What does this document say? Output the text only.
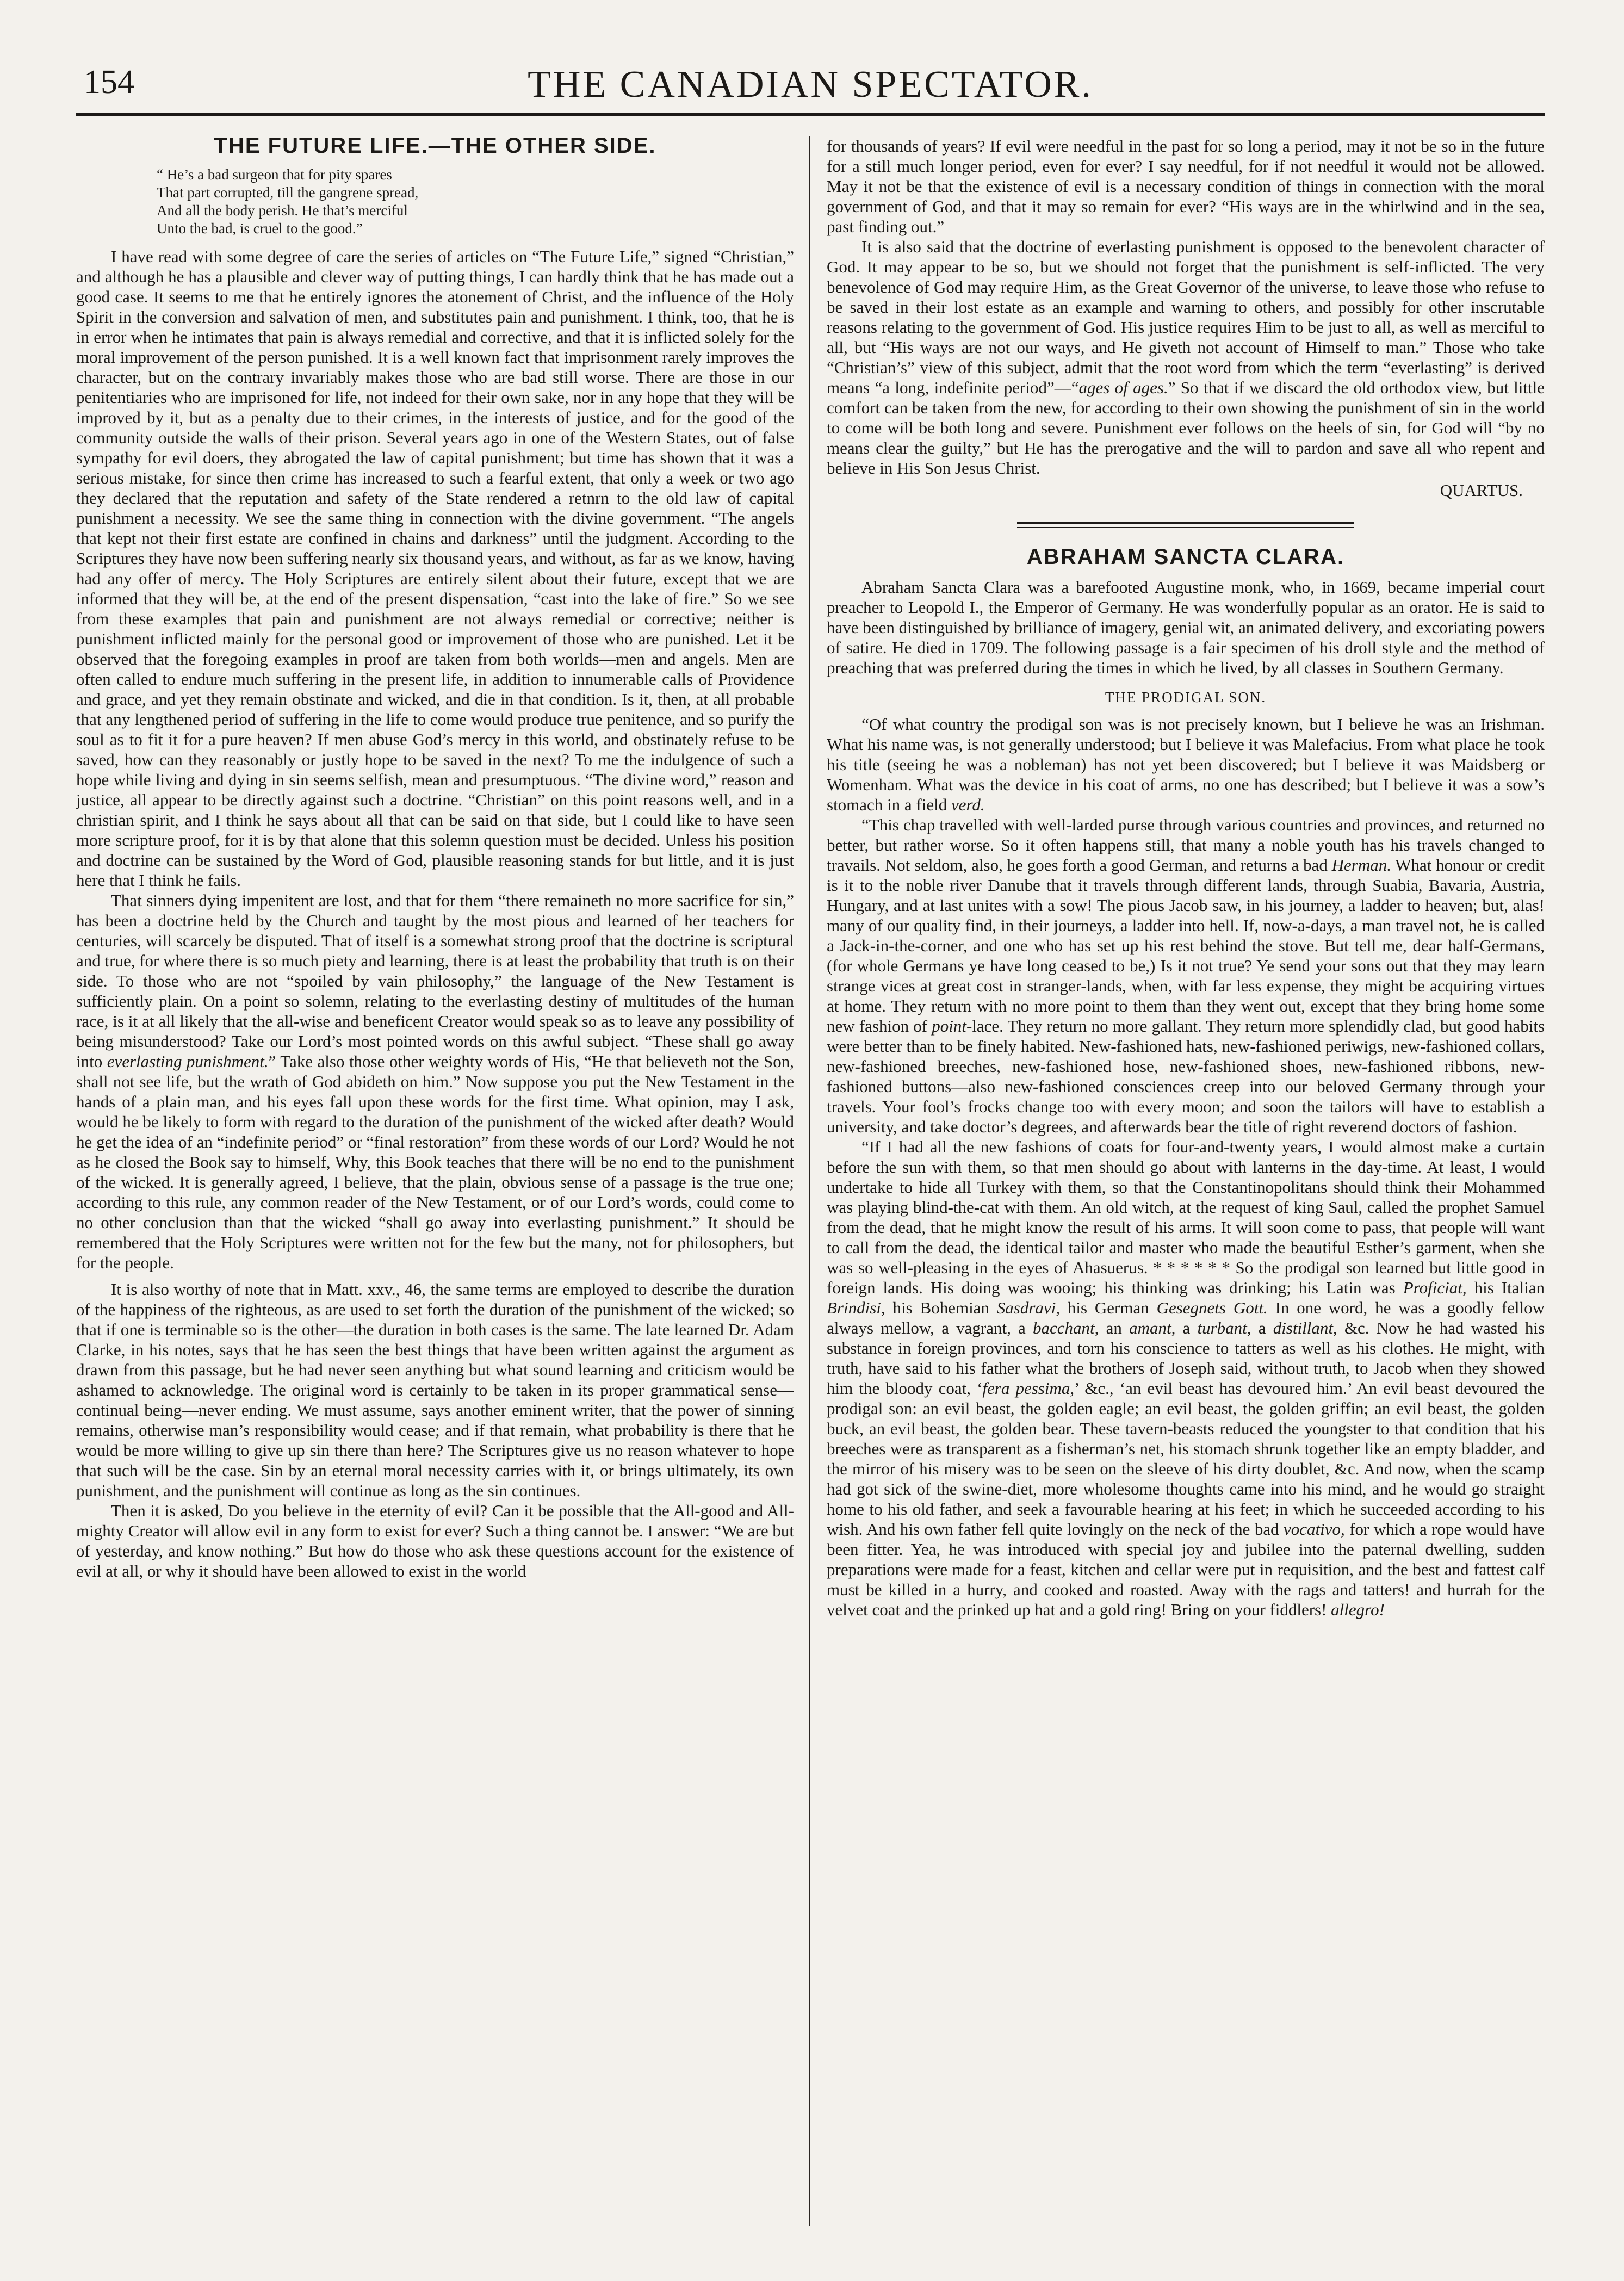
154	THE CANADIAN SPECTATOR.
THE FUTURE LIFE.—THE OTHER SIDE.
“ He’s a bad surgeon that for pity spares
That part corrupted, till the gangrene spread,
And all the body perish. He that’s merciful
Unto the bad, is cruel to the good.”

I have read with some degree of care the series of articles on “The Future Life,” signed “Christian,” and although he has a plausible and clever way of putting things, I can hardly think that he has made out a good case. It seems to me that he entirely ignores the atonement of Christ, and the influence of the Holy Spirit in the conversion and salvation of men, and substitutes pain and punishment. I think, too, that he is in error when he intimates that pain is always remedial and corrective, and that it is inflicted solely for the moral improvement of the person punished. It is a well known fact that imprisonment rarely improves the character, but on the contrary invariably makes those who are bad still worse. There are those in our penitentiaries who are imprisoned for life, not indeed for their own sake, nor in any hope that they will be improved by it, but as a penalty due to their crimes, in the interests of justice, and for the good of the community outside the walls of their prison. Several years ago in one of the Western States, out of false sympathy for evil doers, they abrogated the law of capital punishment; but time has shown that it was a serious mistake, for since then crime has increased to such a fearful extent, that only a week or two ago they declared that the reputation and safety of the State rendered a retnrn to the old law of capital punishment a necessity. We see the same thing in connection with the divine government. “The angels that kept not their first estate are confined in chains and darkness” until the judgment. According to the Scriptures they have now been suffering nearly six thousand years, and without, as far as we know, having had any offer of mercy. The Holy Scriptures are entirely silent about their future, except that we are informed that they will be, at the end of the present dispensation, “cast into the lake of fire.” So we see from these examples that pain and punishment are not always remedial or corrective; neither is punishment inflicted mainly for the personal good or improvement of those who are punished. Let it be observed that the foregoing examples in proof are taken from both worlds—men and angels. Men are often called to endure much suffering in the present life, in addition to innumerable calls of Providence and grace, and yet they remain obstinate and wicked, and die in that condition. Is it, then, at all probable that any lengthened period of suffering in the life to come would produce true penitence, and so purify the soul as to fit it for a pure heaven? If men abuse God’s mercy in this world, and obstinately refuse to be saved, how can they reasonably or justly hope to be saved in the next? To me the indulgence of such a hope while living and dying in sin seems selfish, mean and presumptuous. “The divine word,” reason and justice, all appear to be directly against such a doctrine. “Christian” on this point reasons well, and in a christian spirit, and I think he says about all that can be said on that side, but I could like to have seen more scripture proof, for it is by that alone that this solemn question must be decided. Unless his position and doctrine can be sustained by the Word of God, plausible reasoning stands for but little, and it is just here that I think he fails.

That sinners dying impenitent are lost, and that for them “there remaineth no more sacrifice for sin,” has been a doctrine held by the Church and taught by the most pious and learned of her teachers for centuries, will scarcely be disputed. That of itself is a somewhat strong proof that the doctrine is scriptural and true, for where there is so much piety and learning, there is at least the probability that truth is on their side. To those who are not “spoiled by vain philosophy,” the language of the New Testament is sufficiently plain. On a point so solemn, relating to the everlasting destiny of multitudes of the human race, is it at all likely that the all-wise and beneficent Creator would speak so as to leave any possibility of being misunderstood? Take our Lord’s most pointed words on this awful subject. “These shall go away into everlasting punishment.” Take also those other weighty words of His, “He that believeth not the Son, shall not see life, but the wrath of God abideth on him.” Now suppose you put the New Testament in the hands of a plain man, and his eyes fall upon these words for the first time. What opinion, may I ask, would he be likely to form with regard to the duration of the punishment of the wicked after death? Would he get the idea of an “indefinite period” or “final restoration” from these words of our Lord? Would he not as he closed the Book say to himself, Why, this Book teaches that there will be no end to the punishment of the wicked. It is generally agreed, I believe, that the plain, obvious sense of a passage is the true one; according to this rule, any common reader of the New Testament, or of our Lord’s words, could come to no other conclusion than that the wicked “shall go away into everlasting punishment.” It should be remembered that the Holy Scriptures were written not for the few but the many, not for philosophers, but for the people.

It is also worthy of note that in Matt. xxv., 46, the same terms are employed to describe the duration of the happiness of the righteous, as are used to set forth the duration of the punishment of the wicked; so that if one is terminable so is the other—the duration in both cases is the same. The late learned Dr. Adam Clarke, in his notes, says that he has seen the best things that have been written against the argument as drawn from this passage, but he had never seen anything but what sound learning and criticism would be ashamed to acknowledge. The original word is certainly to be taken in its proper grammatical sense—continual being—never ending. We must assume, says another eminent writer, that the power of sinning remains, otherwise man’s responsibility would cease; and if that remain, what probability is there that he would be more willing to give up sin there than here? The Scriptures give us no reason whatever to hope that such will be the case. Sin by an eternal moral necessity carries with it, or brings ultimately, its own punishment, and the punishment will continue as long as the sin continues.

Then it is asked, Do you believe in the eternity of evil? Can it be possible that the All-good and All-mighty Creator will allow evil in any form to exist for ever? Such a thing cannot be. I answer: “We are but of yesterday, and know nothing.” But how do those who ask these questions account for the existence of evil at all, or why it should have been allowed to exist in the world

for thousands of years? If evil were needful in the past for so long a period, may it not be so in the future for a still much longer period, even for ever? I say needful, for if not needful it would not be allowed. May it not be that the existence of evil is a necessary condition of things in connection with the moral government of God, and that it may so remain for ever? “His ways are in the whirlwind and in the sea, past finding out.”

It is also said that the doctrine of everlasting punishment is opposed to the benevolent character of God. It may appear to be so, but we should not forget that the punishment is self-inflicted. The very benevolence of God may require Him, as the Great Governor of the universe, to leave those who refuse to be saved in their lost estate as an example and warning to others, and possibly for other inscrutable reasons relating to the government of God. His justice requires Him to be just to all, as well as merciful to all, but “His ways are not our ways, and He giveth not account of Himself to man.” Those who take “Christian’s” view of this subject, admit that the root word from which the term “everlasting” is derived means “a long, indefinite period”—“ages of ages.” So that if we discard the old orthodox view, but little comfort can be taken from the new, for according to their own showing the punishment of sin in the world to come will be both long and severe. Punishment ever follows on the heels of sin, for God will “by no means clear the guilty,” but He has the prerogative and the will to pardon and save all who repent and believe in His Son Jesus Christ.

QUARTUS.
ABRAHAM SANCTA CLARA.

Abraham Sancta Clara was a barefooted Augustine monk, who, in 1669, became imperial court preacher to Leopold I., the Emperor of Germany. He was wonderfully popular as an orator. He is said to have been distinguished by brilliance of imagery, genial wit, an animated delivery, and excoriating powers of satire. He died in 1709. The following passage is a fair specimen of his droll style and the method of preaching that was preferred during the times in which he lived, by all classes in Southern Germany.

THE PRODIGAL SON.

“Of what country the prodigal son was is not precisely known, but I believe he was an Irishman. What his name was, is not generally understood; but I believe it was Malefacius. From what place he took his title (seeing he was a nobleman) has not yet been discovered; but I believe it was Maidsberg or Womenham. What was the device in his coat of arms, no one has described; but I believe it was a sow’s stomach in a field verd.

“This chap travelled with well-larded purse through various countries and provinces, and returned no better, but rather worse. So it often happens still, that many a noble youth has his travels changed to travails. Not seldom, also, he goes forth a good German, and returns a bad Herman. What honour or credit is it to the noble river Danube that it travels through different lands, through Suabia, Bavaria, Austria, Hungary, and at last unites with a sow! The pious Jacob saw, in his journey, a ladder to heaven; but, alas! many of our quality find, in their journeys, a ladder into hell. If, now-a-days, a man travel not, he is called a Jack-in-the-corner, and one who has set up his rest behind the stove. But tell me, dear half-Germans, (for whole Germans ye have long ceased to be,) Is it not true? Ye send your sons out that they may learn strange vices at great cost in stranger-lands, when, with far less expense, they might be acquiring virtues at home. They return with no more point to them than they went out, except that they bring home some new fashion of point-lace. They return no more gallant. They return more splendidly clad, but good habits were better than to be finely habited. New-fashioned hats, new-fashioned periwigs, new-fashioned collars, new-fashioned breeches, new-fashioned hose, new-fashioned shoes, new-fashioned ribbons, new-fashioned buttons—also new-fashioned consciences creep into our beloved Germany through your travels. Your fool’s frocks change too with every moon; and soon the tailors will have to establish a university, and take doctor’s degrees, and afterwards bear the title of right reverend doctors of fashion.

“If I had all the new fashions of coats for four-and-twenty years, I would almost make a curtain before the sun with them, so that men should go about with lanterns in the day-time. At least, I would undertake to hide all Turkey with them, so that the Constantinopolitans should think their Mohammed was playing blind-the-cat with them. An old witch, at the request of king Saul, called the prophet Samuel from the dead, that he might know the result of his arms. It will soon come to pass, that people will want to call from the dead, the identical tailor and master who made the beautiful Esther’s garment, when she was so well-pleasing in the eyes of Ahasuerus. * * * * * * So the prodigal son learned but little good in foreign lands. His doing was wooing; his thinking was drinking; his Latin was Proficiat, his Italian Brindisi, his Bohemian Sasdravi, his German Gesegnets Gott. In one word, he was a goodly fellow always mellow, a vagrant, a bacchant, an amant, a turbant, a distillant, &c. Now he had wasted his substance in foreign provinces, and torn his conscience to tatters as well as his clothes. He might, with truth, have said to his father what the brothers of Joseph said, without truth, to Jacob when they showed him the bloody coat, ‘fera pessima,’ &c., ‘an evil beast has devoured him.’ An evil beast devoured the prodigal son: an evil beast, the golden eagle; an evil beast, the golden griffin; an evil beast, the golden buck, an evil beast, the golden bear. These tavern-beasts reduced the youngster to that condition that his breeches were as transparent as a fisherman’s net, his stomach shrunk together like an empty bladder, and the mirror of his misery was to be seen on the sleeve of his dirty doublet, &c. And now, when the scamp had got sick of the swine-diet, more wholesome thoughts came into his mind, and he would go straight home to his old father, and seek a favourable hearing at his feet; in which he succeeded according to his wish. And his own father fell quite lovingly on the neck of the bad vocativo, for which a rope would have been fitter. Yea, he was introduced with special joy and jubilee into the paternal dwelling, sudden preparations were made for a feast, kitchen and cellar were put in requisition, and the best and fattest calf must be killed in a hurry, and cooked and roasted. Away with the rags and tatters! and hurrah for the velvet coat and the prinked up hat and a gold ring! Bring on your fiddlers! allegro!
